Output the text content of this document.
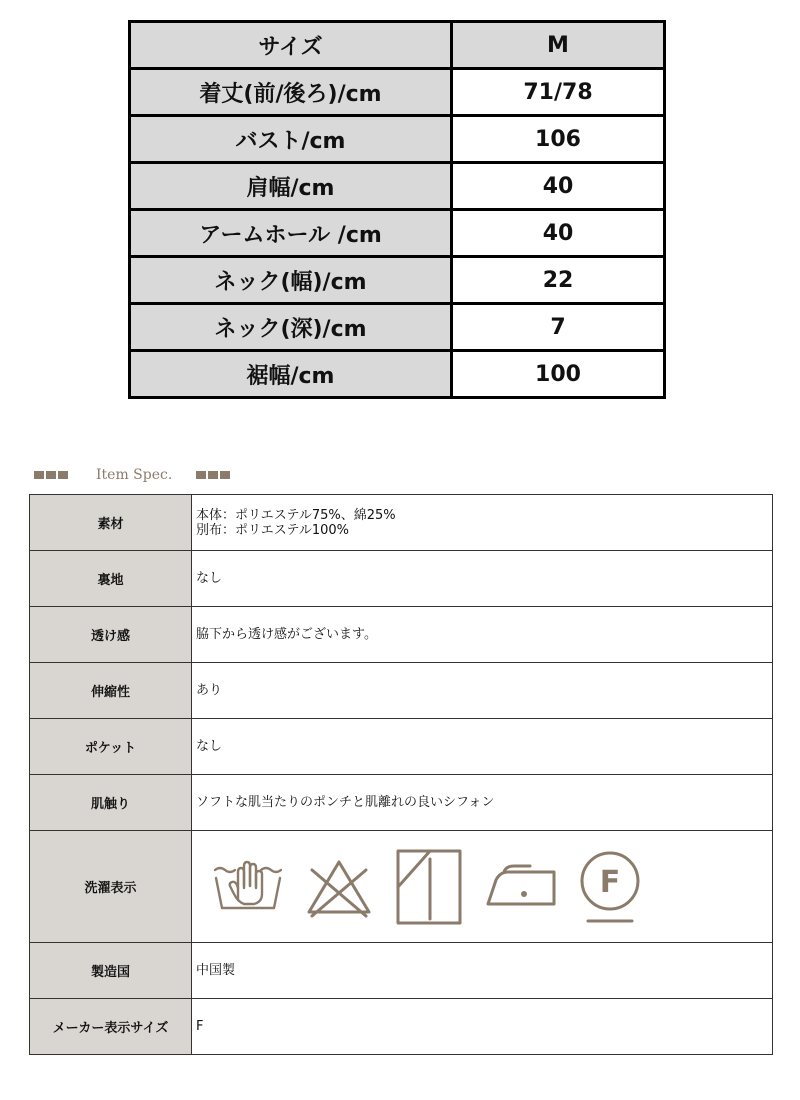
サイズ	M
着丈(前/後ろ)/cm	71/78
バスト/cm	106
肩幅/cm	40
アームホール /cm	40
ネック(幅)/cm	22
ネック(深)/cm	7
裾幅/cm	100
Item Spec.
素材	本体：ポリエステル75%、綿25%
別布：ポリエステル100%

裏地	なし
透け感	脇下から透け感がございます。
伸縮性	あり
ポケット	なし
肌触り	ソフトな肌当たりのポンチと肌離れの良いシフォン
洗濯表示	F

製造国	中国製
メーカー表示サイズ	F
